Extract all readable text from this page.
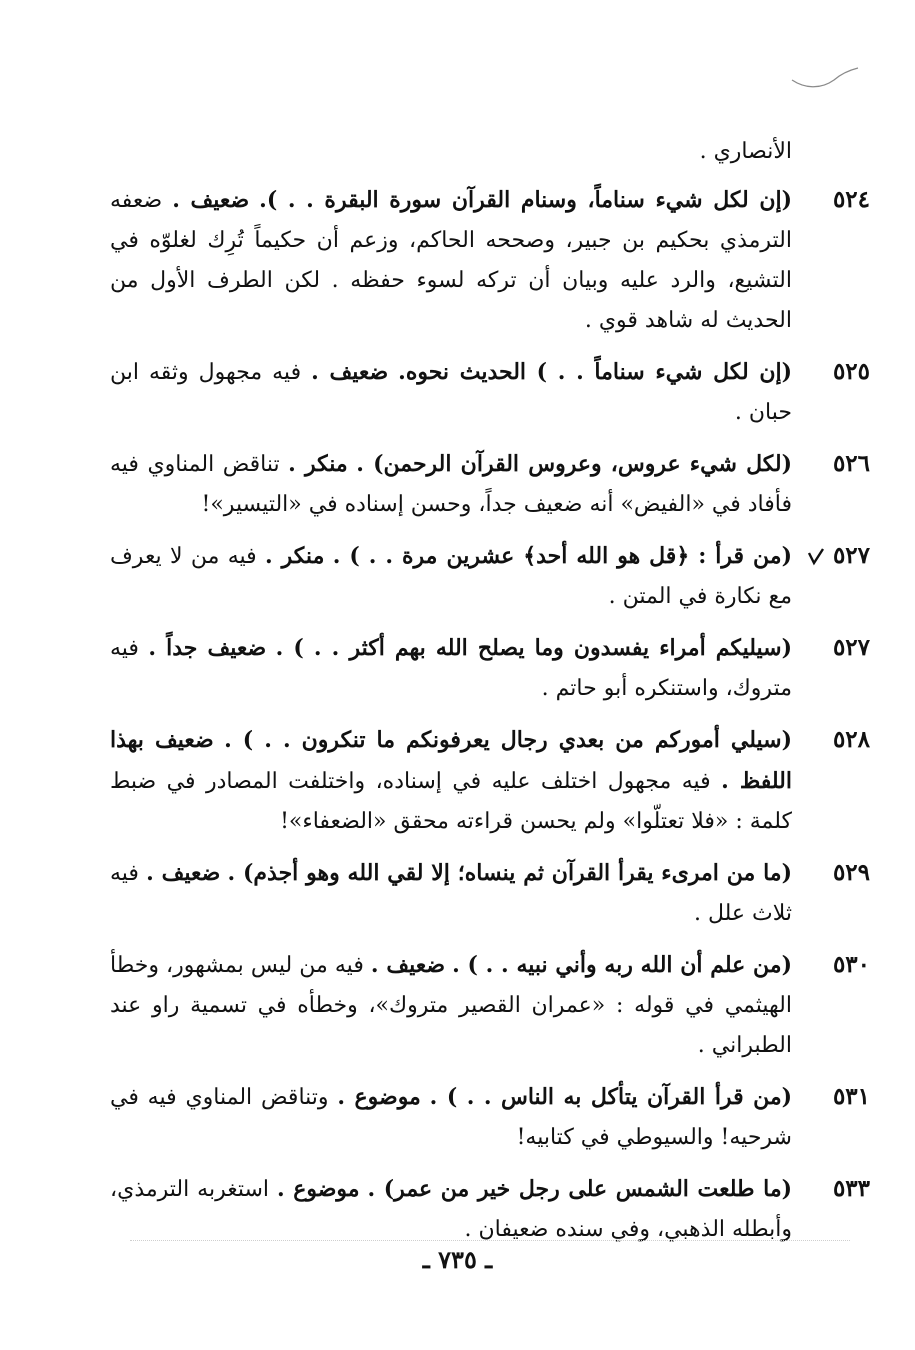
الأنصاري .

٥٢٤
(إن لكل شيء سناماً، وسنام القرآن سورة البقرة . . ). ضعيف . ضعفه الترمذي بحكيم بن جبير، وصححه الحاكم، وزعم أن حكيماً تُرِك لغلوّه في التشيع، والرد عليه وبيان أن تركه لسوء حفظه . لكن الطرف الأول من الحديث له شاهد قوي .
٥٢٥
(إن لكل شيء سناماً . . ) الحديث نحوه. ضعيف . فيه مجهول وثقه ابن حبان .
٥٢٦
(لكل شيء عروس، وعروس القرآن الرحمن) . منكر . تناقض المناوي فيه فأفاد في «الفيض» أنه ضعيف جداً، وحسن إسناده في «التيسير»!
٥٢٧
(من قرأ : ﴿قل هو الله أحد﴾ عشرين مرة . . ) . منكر . فيه من لا يعرف مع نكارة في المتن .
٥٢٧
(سيليكم أمراء يفسدون وما يصلح الله بهم أكثر . . ) . ضعيف جداً . فيه متروك، واستنكره أبو حاتم .
٥٢٨
(سيلي أموركم من بعدي رجال يعرفونكم ما تنكرون . . ) . ضعيف بهذا اللفظ . فيه مجهول اختلف عليه في إسناده، واختلفت المصادر في ضبط كلمة : «فلا تعتلّوا» ولم يحسن قراءته محقق «الضعفاء»!
٥٢٩
(ما من امرىء يقرأ القرآن ثم ينساه؛ إلا لقي الله وهو أجذم) . ضعيف . فيه ثلاث علل .
٥٣٠
(من علم أن الله ربه وأني نبيه . . ) . ضعيف . فيه من ليس بمشهور، وخطأ الهيثمي في قوله : «عمران القصير متروك»، وخطأه في تسمية راو عند الطبراني .
٥٣١
(من قرأ القرآن يتأكل به الناس . . ) . موضوع . وتناقض المناوي فيه في شرحيه! والسيوطي في كتابيه!
٥٣٣
(ما طلعت الشمس على رجل خير من عمر) . موضوع . استغربه الترمذي، وأبطله الذهبي، وفي سنده ضعيفان .
ـ ٧٣٥ ـ
